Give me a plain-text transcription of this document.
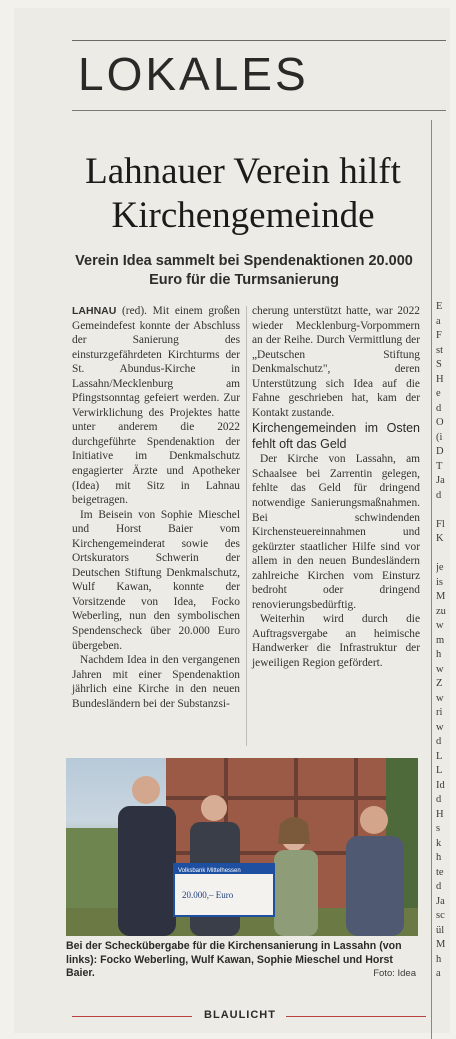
LOKALES
Lahnauer Verein hilft Kirchengemeinde
Verein Idea sammelt bei Spendenaktionen 20.000 Euro für die Turmsanierung

LAHNAU (red). Mit einem großen Gemeindefest konnte der Abschluss der Sanierung des einsturzgefährdeten Kirchturms der St. Abundus-Kirche in Lassahn/Mecklenburg am Pfingstsonntag gefeiert werden. Zur Verwirklichung des Projektes hatte unter anderem die 2022 durchgeführte Spendenaktion der Initiative im Denkmalschutz engagierter Ärzte und Apotheker (Idea) mit Sitz in Lahnau beigetragen.

Im Beisein von Sophie Mieschel und Horst Baier vom Kirchengemeinderat sowie des Ortskurators Schwerin der Deutschen Stiftung Denkmalschutz, Wulf Kawan, konnte der Vorsitzende von Idea, Focko Weberling, nun den symbolischen Spendenscheck über 20.000 Euro übergeben.

Nachdem Idea in den vergangenen Jahren mit einer Spendenaktion jährlich eine Kirche in den neuen Bundesländern bei der Substanzsi-

cherung unterstützt hatte, war 2022 wieder Mecklenburg-Vorpommern an der Reihe. Durch Vermittlung der „Deutschen Stiftung Denkmalschutz", deren Unterstützung sich Idea auf die Fahne geschrieben hat, kam der Kontakt zustande.

Kirchengemeinden im Osten fehlt oft das Geld

Der Kirche von Lassahn, am Schaalsee bei Zarrentin gelegen, fehlte das Geld für dringend notwendige Sanierungsmaßnahmen. Bei schwindenden Kirchensteuereinnahmen und gekürzter staatlicher Hilfe sind vor allem in den neuen Bundesländern zahlreiche Kirchen vom Einsturz bedroht oder dringend renovierungsbedürftig.

Weiterhin wird durch die Auftragsvergabe an heimische Handwerker die Infrastruktur der jeweiligen Region gefördert.

Volksbank Mittelhessen
20.000,– Euro
Bei der Scheckübergabe für die Kirchensanierung in Lassahn (von links): Focko Weberling, Wulf Kawan, Sophie Mieschel und Horst Baier.	Foto: Idea
BLAULICHT
E
a
F
st
S
H
e
d
O
(i
D
T
Ja
d

Fl
K

je
is
M
zu
w
m
h
w
Z
w
ri
w
d
L
L
Id
d
H
s
k
h
te
d
Ja
sc
ül
M
h
a
